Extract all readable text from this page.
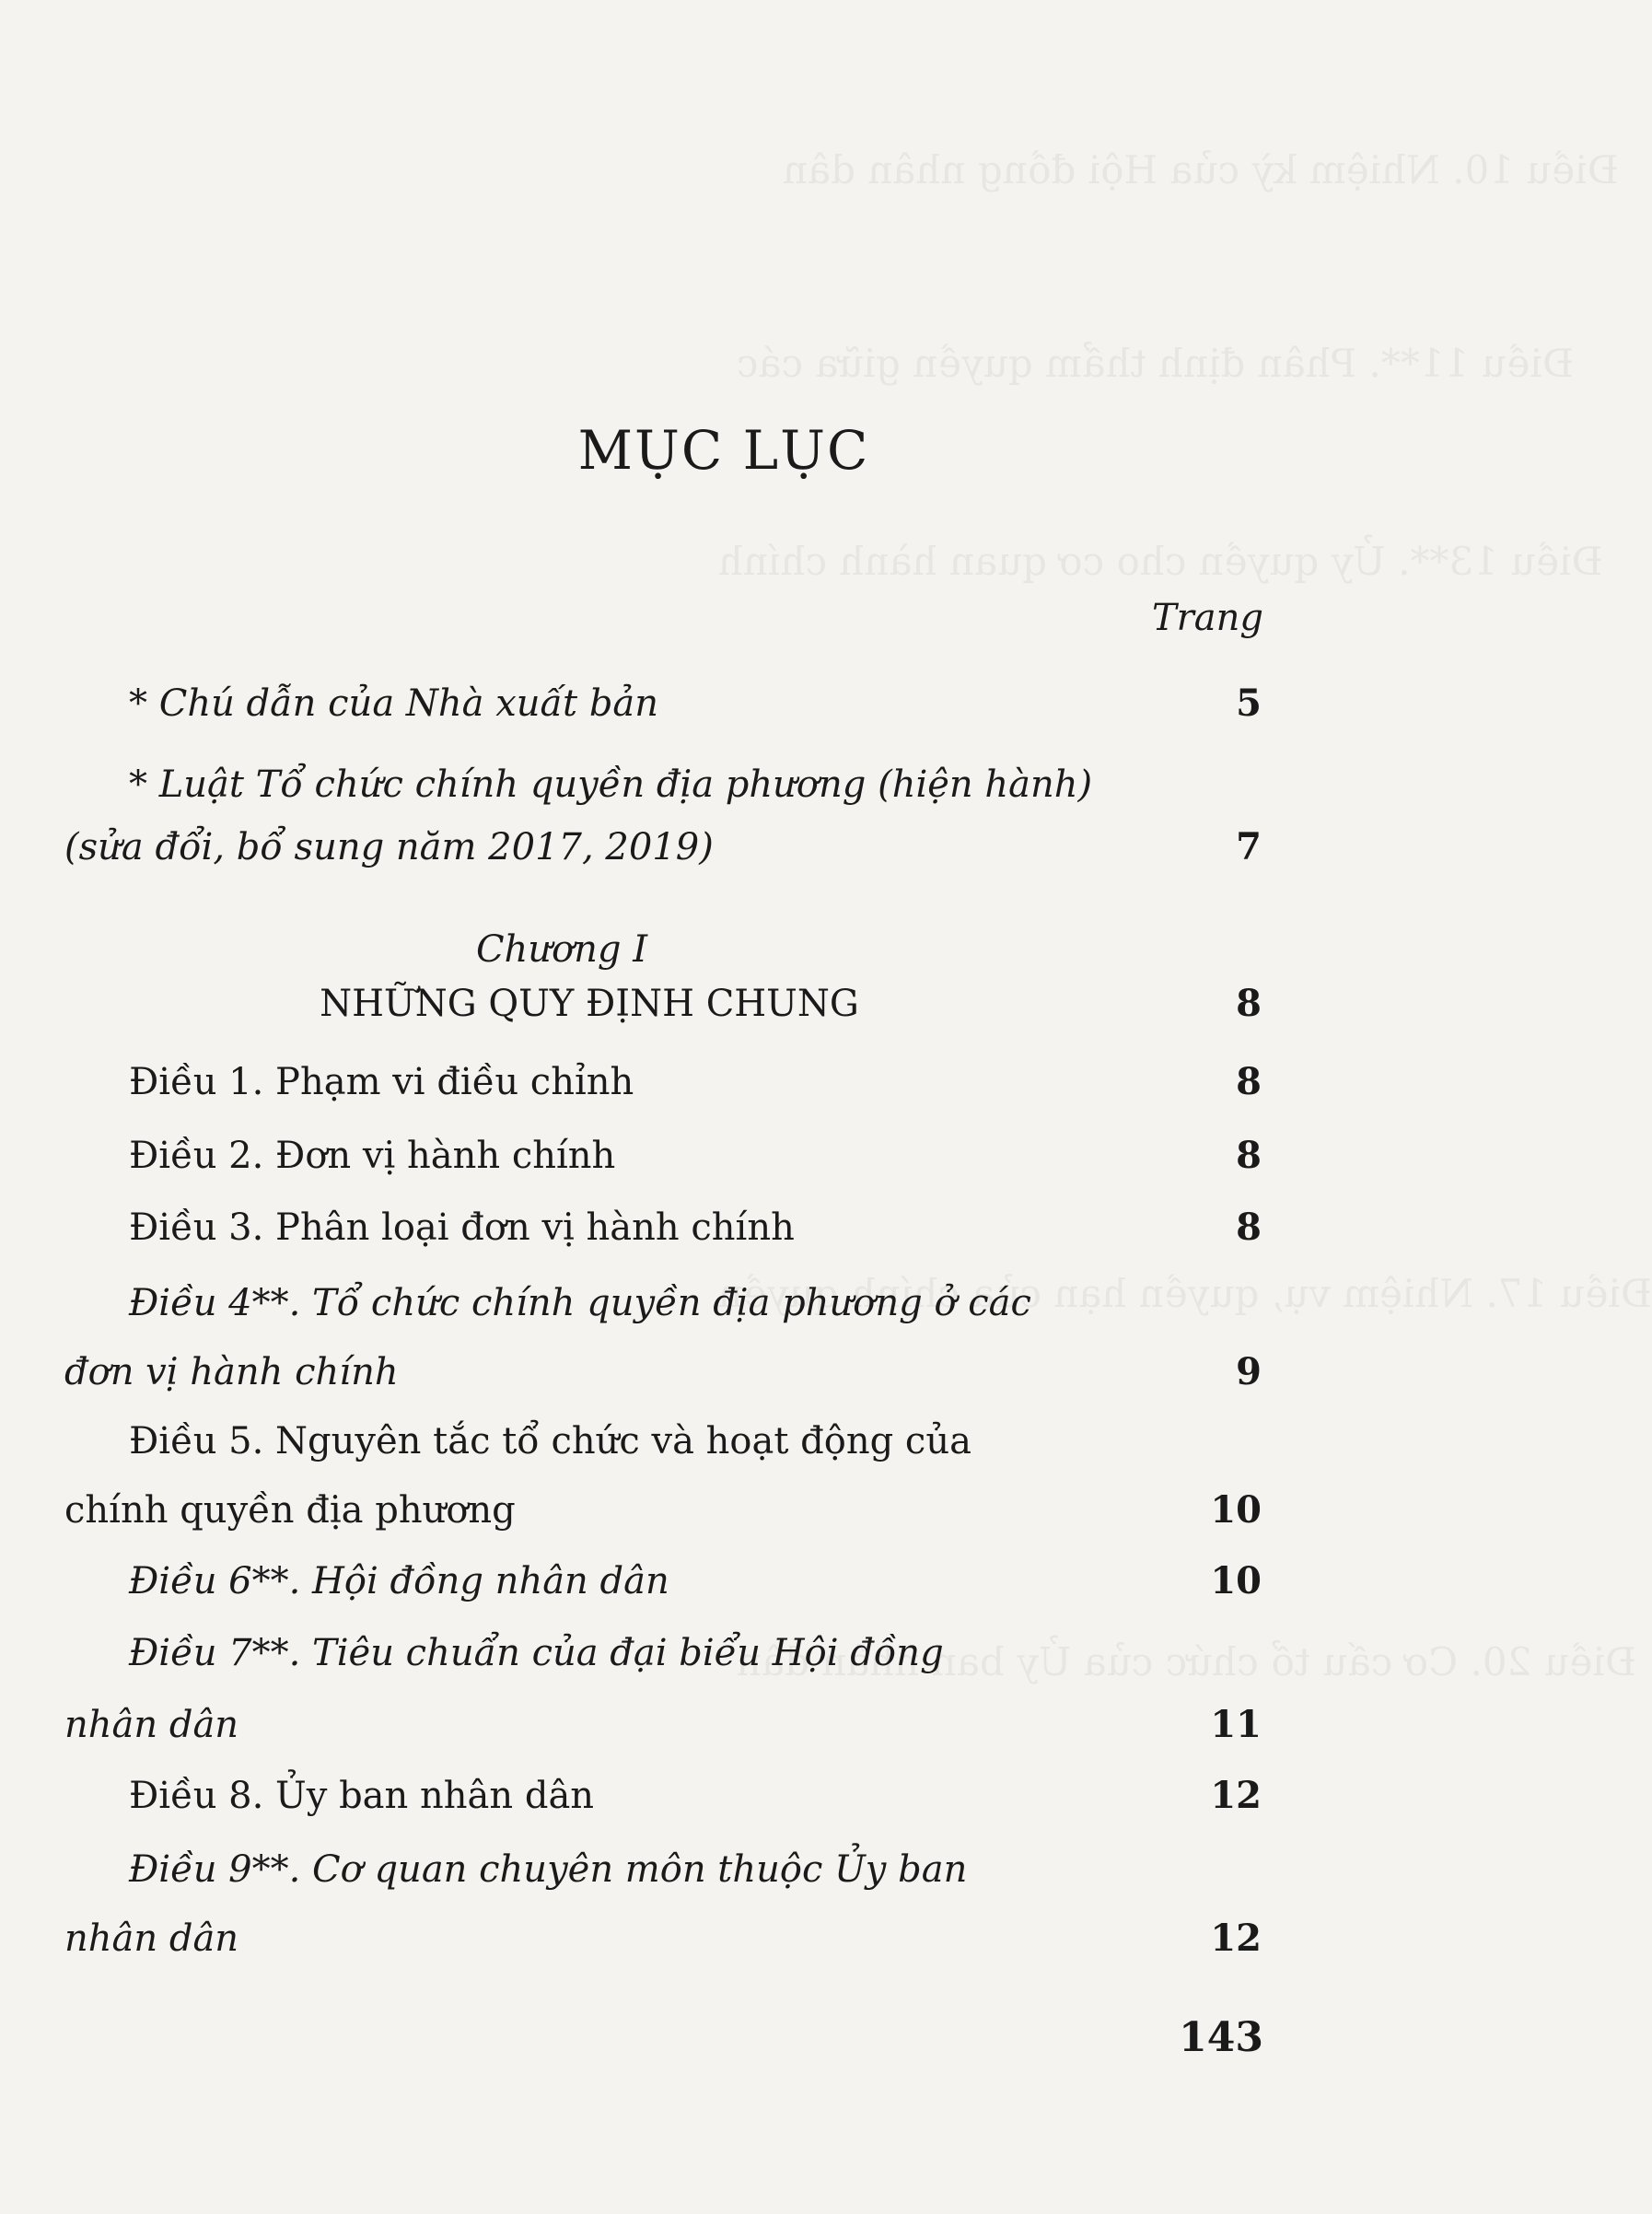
Điều 10. Nhiệm kỳ của Hội đồng nhân dân
Điều 11**. Phân định thẩm quyền giữa các
Điều 13**. Ủy quyền cho cơ quan hành chính
Điều 17. Nhiệm vụ, quyền hạn của chính quyền
Điều 20. Cơ cấu tổ chức của Ủy ban nhân dân
MỤC LỤC
Trang
* Chú dẫn của Nhà xuất bản	5
* Luật Tổ chức chính quyền địa phương (hiện hành)
(sửa đổi, bổ sung năm 2017, 2019)	7
Chương I
NHỮNG QUY ĐỊNH CHUNG	8
Điều 1. Phạm vi điều chỉnh	8
Điều 2. Đơn vị hành chính	8
Điều 3. Phân loại đơn vị hành chính	8
Điều 4**. Tổ chức chính quyền địa phương ở các
đơn vị hành chính	9
Điều 5. Nguyên tắc tổ chức và hoạt động của
chính quyền địa phương	10
Điều 6**. Hội đồng nhân dân	10
Điều 7**. Tiêu chuẩn của đại biểu Hội đồng
nhân dân	11
Điều 8. Ủy ban nhân dân	12
Điều 9**. Cơ quan chuyên môn thuộc Ủy ban
nhân dân	12
143
